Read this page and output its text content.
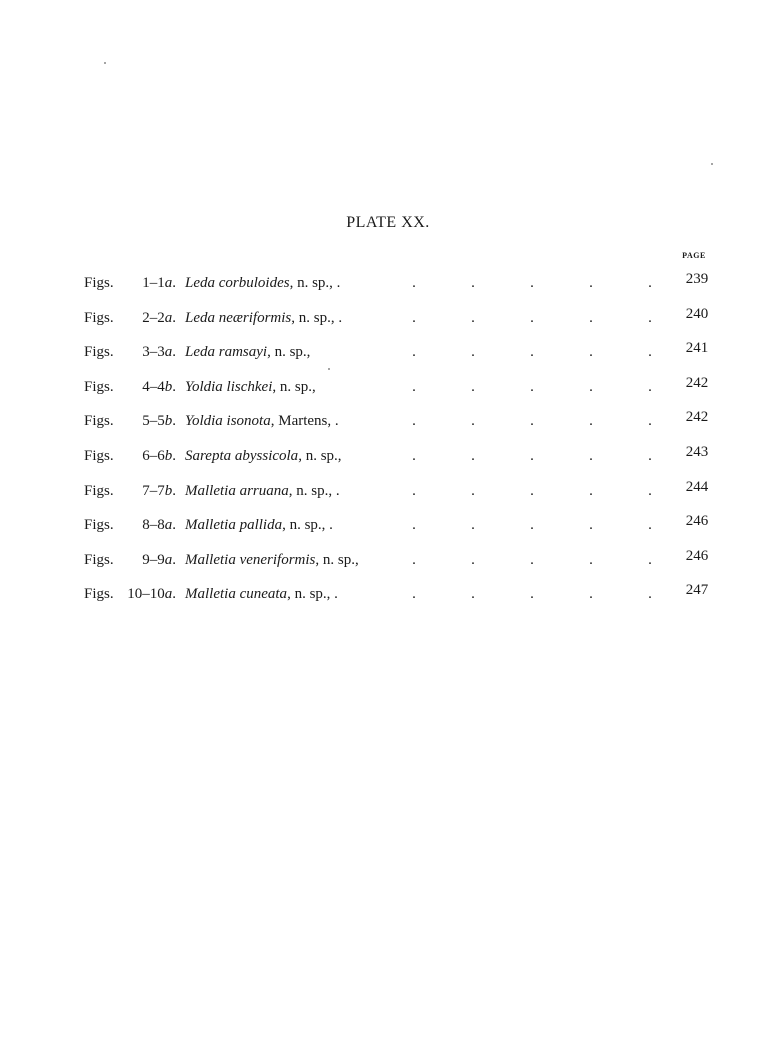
PLATE XX.
PAGE
Figs. 1–1a. Leda corbuloides, n. sp., .	.	.	.	.	.	239
Figs. 2–2a. Leda neæriformis, n. sp., .	.	.	.	.	.	240
Figs. 3–3a. Leda ramsayi, n. sp.,	.	.	.	.	.	241
Figs. 4–4b. Yoldia lischkei, n. sp.,	.	.	.	.	.	242
Figs. 5–5b. Yoldia isonota, Martens, .	.	.	.	.	.	242
Figs. 6–6b. Sarepta abyssicola, n. sp.,	.	.	.	.	.	243
Figs. 7–7b. Malletia arruana, n. sp., .	.	.	.	.	.	244
Figs. 8–8a. Malletia pallida, n. sp., .	.	.	.	.	.	246
Figs. 9–9a. Malletia veneriformis, n. sp.,	.	.	.	.	.	246
Figs. 10–10a. Malletia cuneata, n. sp., .	.	.	.	.	.	247
